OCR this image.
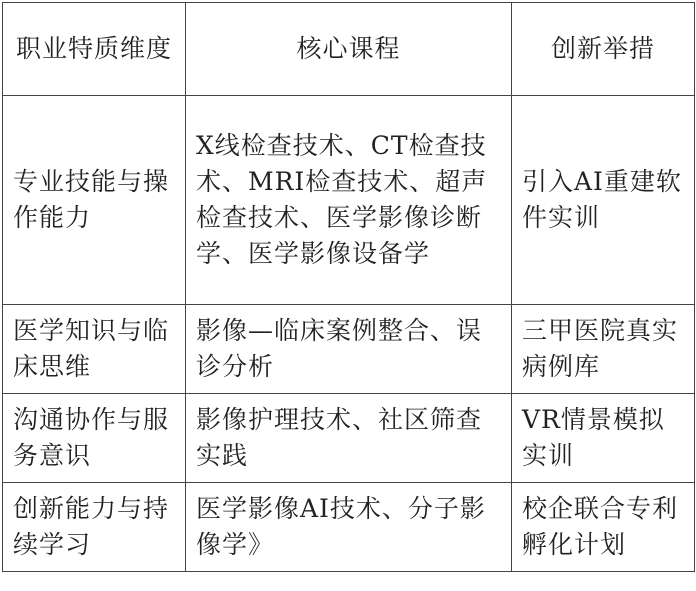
职业特质维度	核心课程	创新举措
专业技能与操作能力	X线检查技术、CT检查技术、MRI检查技术、超声检查技术、医学影像诊断学、医学影像设备学	引入AI重建软件实训
医学知识与临床思维	影像—临床案例整合、误诊分析	三甲医院真实病例库
沟通协作与服务意识	影像护理技术、社区筛查实践	VR情景模拟实训
创新能力与持续学习	医学影像AI技术、分子影像学》	校企联合专利孵化计划
